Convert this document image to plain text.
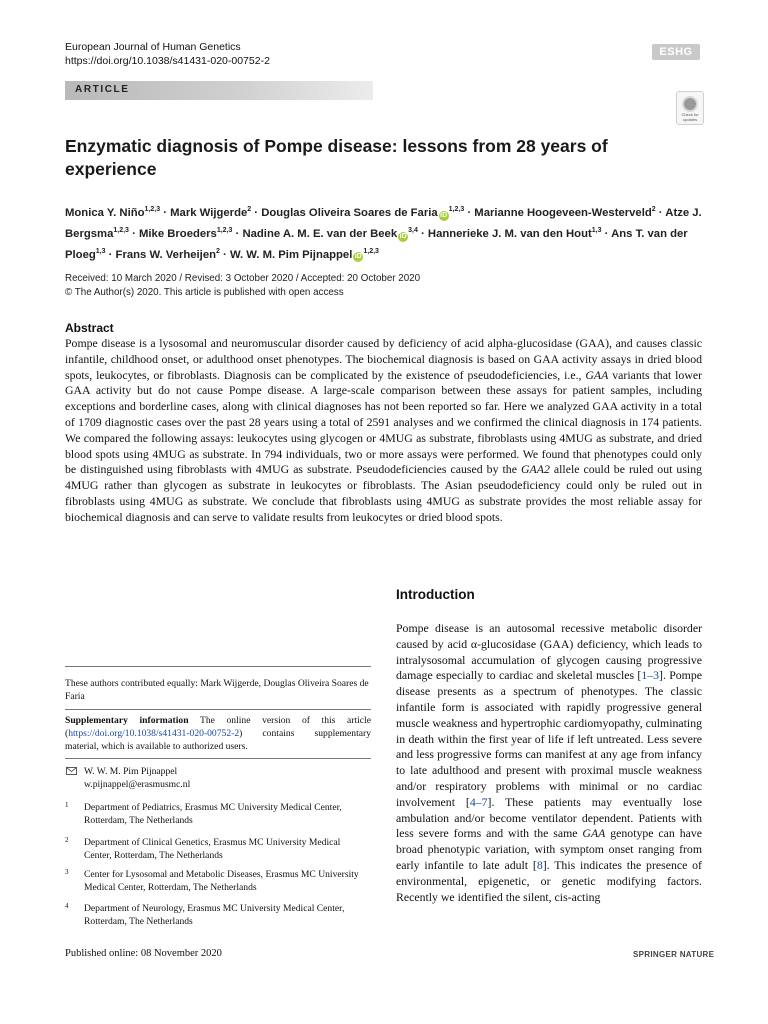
European Journal of Human Genetics
https://doi.org/10.1038/s41431-020-00752-2
ESHG
ARTICLE
Check for updates
Enzymatic diagnosis of Pompe disease: lessons from 28 years of experience
Monica Y. Niño$^{1,2,3}$ · Mark Wijgerde$^2$ · Douglas Oliveira Soares de Faria iD$^{1,2,3}$ · Marianne Hoogeveen-Westerveld$^2$ · Atze J. Bergsma$^{1,2,3}$ · Mike Broeders$^{1,2,3}$ · Nadine A. M. E. van der Beek iD$^{3,4}$ · Hannerieke J. M. van den Hout$^{1,3}$ · Ans T. van der Ploeg$^{1,3}$ · Frans W. Verheijen$^2$ · W. W. M. Pim Pijnappel iD$^{1,2,3}$
Received: 10 March 2020 / Revised: 3 October 2020 / Accepted: 20 October 2020
© The Author(s) 2020. This article is published with open access
Abstract
Pompe disease is a lysosomal and neuromuscular disorder caused by deficiency of acid alpha-glucosidase (GAA), and causes classic infantile, childhood onset, or adulthood onset phenotypes. The biochemical diagnosis is based on GAA activity assays in dried blood spots, leukocytes, or fibroblasts. Diagnosis can be complicated by the existence of pseudodeficiencies, i.e., GAA variants that lower GAA activity but do not cause Pompe disease. A large-scale comparison between these assays for patient samples, including exceptions and borderline cases, along with clinical diagnoses has not been reported so far. Here we analyzed GAA activity in a total of 1709 diagnostic cases over the past 28 years using a total of 2591 analyses and we confirmed the clinical diagnosis in 174 patients. We compared the following assays: leukocytes using glycogen or 4MUG as substrate, fibroblasts using 4MUG as substrate, and dried blood spots using 4MUG as substrate. In 794 individuals, two or more assays were performed. We found that phenotypes could only be distinguished using fibroblasts with 4MUG as substrate. Pseudodeficiencies caused by the GAA2 allele could be ruled out using 4MUG rather than glycogen as substrate in leukocytes or fibroblasts. The Asian pseudodeficiency could only be ruled out in fibroblasts using 4MUG as substrate. We conclude that fibroblasts using 4MUG as substrate provides the most reliable assay for biochemical diagnosis and can serve to validate results from leukocytes or dried blood spots.
Introduction
Pompe disease is an autosomal recessive metabolic disorder caused by acid α-glucosidase (GAA) deficiency, which leads to intralysosomal accumulation of glycogen causing progressive damage especially to cardiac and skeletal muscles [1–3]. Pompe disease presents as a spectrum of phenotypes. The classic infantile form is associated with rapidly progressive general muscle weakness and hypertrophic cardiomyopathy, culminating in death within the first year of life if left untreated. Less severe and less progressive forms can manifest at any age from infancy to late adulthood and present with proximal muscle weakness and/or respiratory problems with minimal or no cardiac involvement [4–7]. These patients may eventually lose ambulation and/or become ventilator dependent. Patients with less severe forms and with the same GAA genotype can have broad phenotypic variation, with symptom onset ranging from early infantile to late adult [8]. This indicates the presence of environmental, epigenetic, or genetic modifying factors. Recently we identified the silent, cis-acting
These authors contributed equally: Mark Wijgerde, Douglas Oliveira Soares de Faria
Supplementary information The online version of this article (https://doi.org/10.1038/s41431-020-00752-2) contains supplementary material, which is available to authorized users.
W. W. M. Pim Pijnappel
w.pijnappel@erasmusmc.nl
1 Department of Pediatrics, Erasmus MC University Medical Center, Rotterdam, The Netherlands
2 Department of Clinical Genetics, Erasmus MC University Medical Center, Rotterdam, The Netherlands
3 Center for Lysosomal and Metabolic Diseases, Erasmus MC University Medical Center, Rotterdam, The Netherlands
4 Department of Neurology, Erasmus MC University Medical Center, Rotterdam, The Netherlands
Published online: 08 November 2020	SPRINGER NATURE
